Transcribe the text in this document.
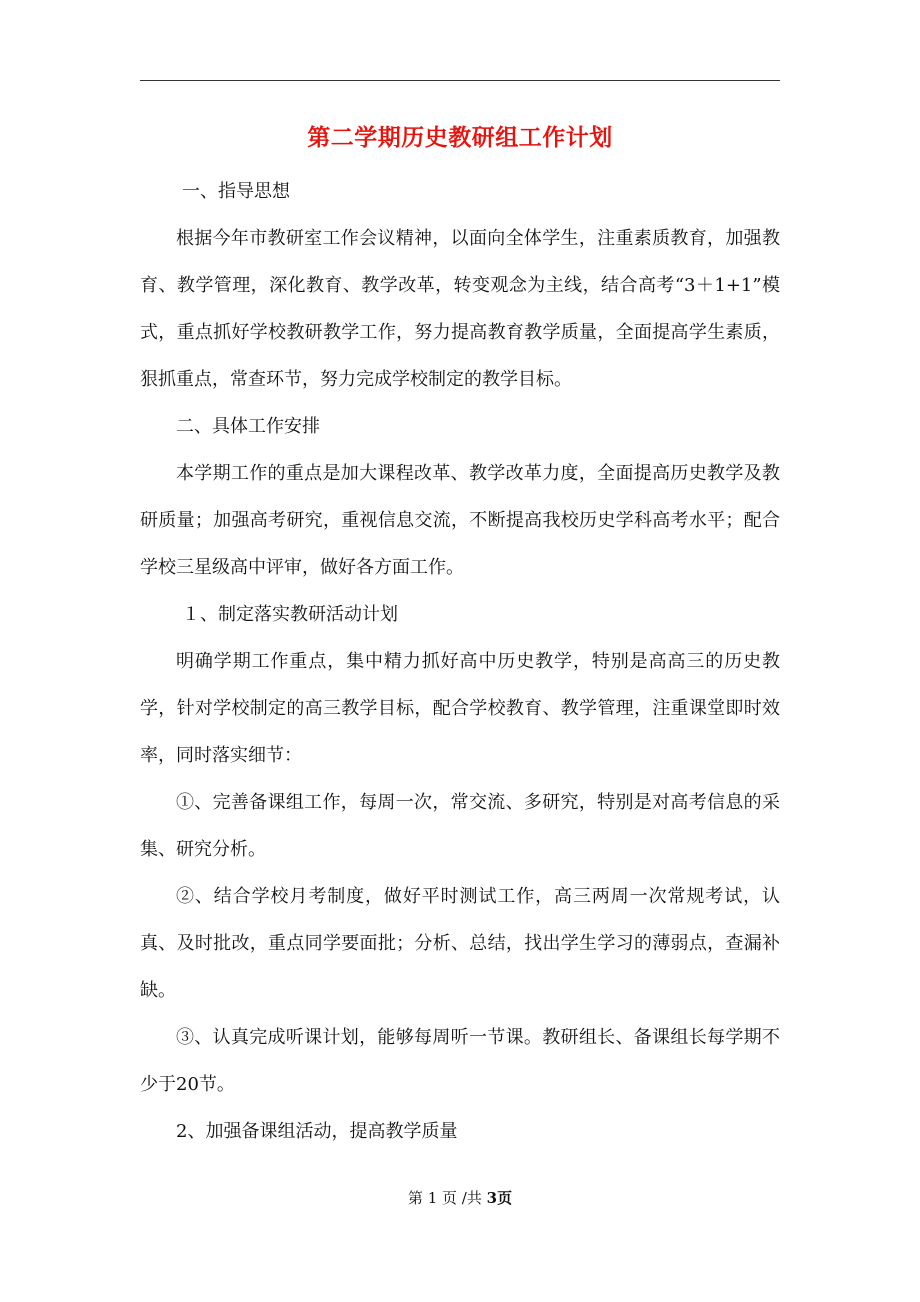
第二学期历史教研组工作计划

一、指导思想

根据今年市教研室工作会议精神，以面向全体学生，注重素质教育，加强教育、教学管理，深化教育、教学改革，转变观念为主线，结合高考“3＋1+1”模式，重点抓好学校教研教学工作，努力提高教育教学质量，全面提高学生素质，狠抓重点，常查环节，努力完成学校制定的教学目标。

二、具体工作安排

本学期工作的重点是加大课程改革、教学改革力度，全面提高历史教学及教研质量；加强高考研究，重视信息交流，不断提高我校历史学科高考水平；配合学校三星级高中评审，做好各方面工作。

１、制定落实教研活动计划

明确学期工作重点，集中精力抓好高中历史教学，特别是高高三的历史教学，针对学校制定的高三教学目标，配合学校教育、教学管理，注重课堂即时效率，同时落实细节：

①、完善备课组工作，每周一次，常交流、多研究，特别是对高考信息的采集、研究分析。

②、结合学校月考制度，做好平时测试工作，高三两周一次常规考试，认真、及时批改，重点同学要面批；分析、总结，找出学生学习的薄弱点，查漏补缺。

③、认真完成听课计划，能够每周听一节课。教研组长、备课组长每学期不少于20节。

2、加强备课组活动，提高教学质量

第 1 页 /共 3页
